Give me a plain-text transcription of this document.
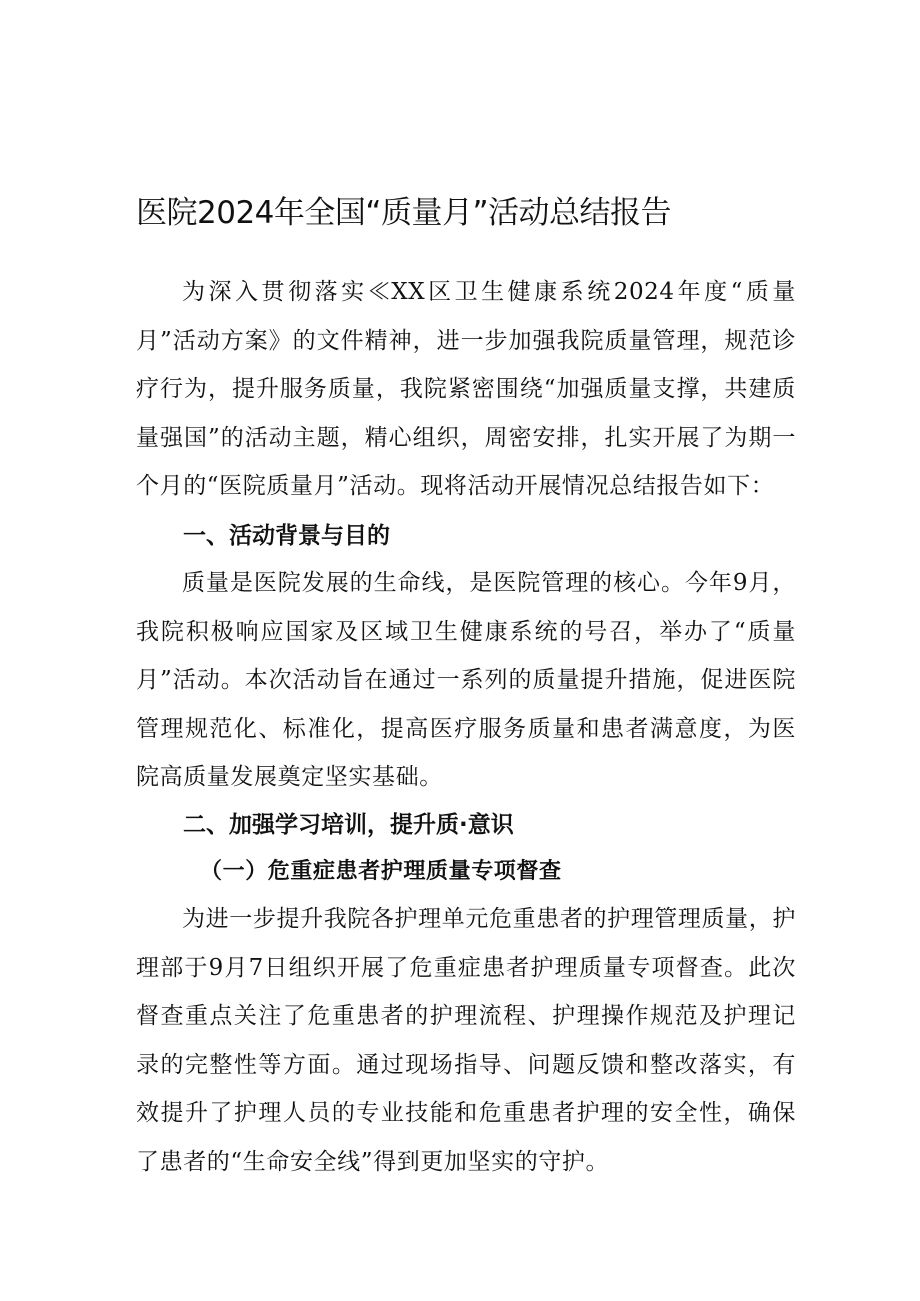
医院2024年全国“质量月”活动总结报告

为深入贯彻落实≪XX区卫生健康系统2024年度“质量月”活动方案》的文件精神，进一步加强我院质量管理，规范诊疗行为，提升服务质量，我院紧密围绕“加强质量支撑，共建质量强国”的活动主题，精心组织，周密安排，扎实开展了为期一个月的“医院质量月”活动。现将活动开展情况总结报告如下：

一、活动背景与目的

质量是医院发展的生命线，是医院管理的核心。今年9月，我院积极响应国家及区域卫生健康系统的号召，举办了“质量月”活动。本次活动旨在通过一系列的质量提升措施，促进医院管理规范化、标准化，提高医疗服务质量和患者满意度，为医院高质量发展奠定坚实基础。

二、加强学习培训，提升质·意识
（一）危重症患者护理质量专项督查

为进一步提升我院各护理单元危重患者的护理管理质量，护理部于9月7日组织开展了危重症患者护理质量专项督查。此次督查重点关注了危重患者的护理流程、护理操作规范及护理记录的完整性等方面。通过现场指导、问题反馈和整改落实，有效提升了护理人员的专业技能和危重患者护理的安全性，确保了患者的“生命安全线”得到更加坚实的守护。
